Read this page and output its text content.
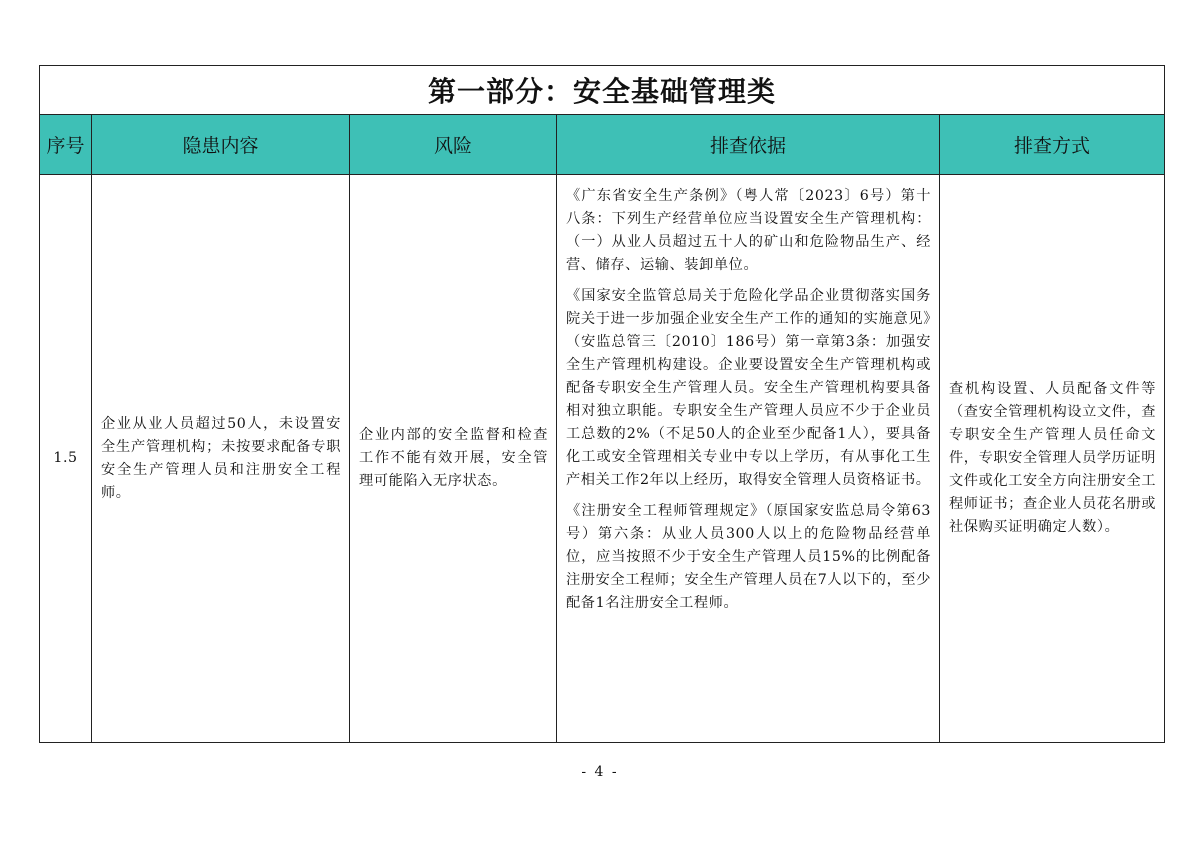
第一部分：安全基础管理类				
序号	隐患内容	风险	排查依据	排查方式
1.5	企业从业人员超过50人，未设置安全生产管理机构；未按要求配备专职安全生产管理人员和注册安全工程师。	企业内部的安全监督和检查工作不能有效开展，安全管理可能陷入无序状态。	《广东省安全生产条例》（粤人常〔2023〕6号）第十八条：下列生产经营单位应当设置安全生产管理机构：（一）从业人员超过五十人的矿山和危险物品生产、经营、储存、运输、装卸单位。

《国家安全监管总局关于危险化学品企业贯彻落实国务院关于进一步加强企业安全生产工作的通知的实施意见》（安监总管三〔2010〕186号）第一章第3条：加强安全生产管理机构建设。企业要设置安全生产管理机构或配备专职安全生产管理人员。安全生产管理机构要具备相对独立职能。专职安全生产管理人员应不少于企业员工总数的2%（不足50人的企业至少配备1人），要具备化工或安全管理相关专业中专以上学历，有从事化工生产相关工作2年以上经历，取得安全管理人员资格证书。

《注册安全工程师管理规定》（原国家安监总局令第63号）第六条：从业人员300人以上的危险物品经营单位，应当按照不少于安全生产管理人员15%的比例配备注册安全工程师；安全生产管理人员在7人以下的，至少配备1名注册安全工程师。	查机构设置、人员配备文件等（查安全管理机构设立文件，查专职安全生产管理人员任命文件，专职安全管理人员学历证明文件或化工安全方向注册安全工程师证书；查企业人员花名册或社保购买证明确定人数）。
- 4 -
